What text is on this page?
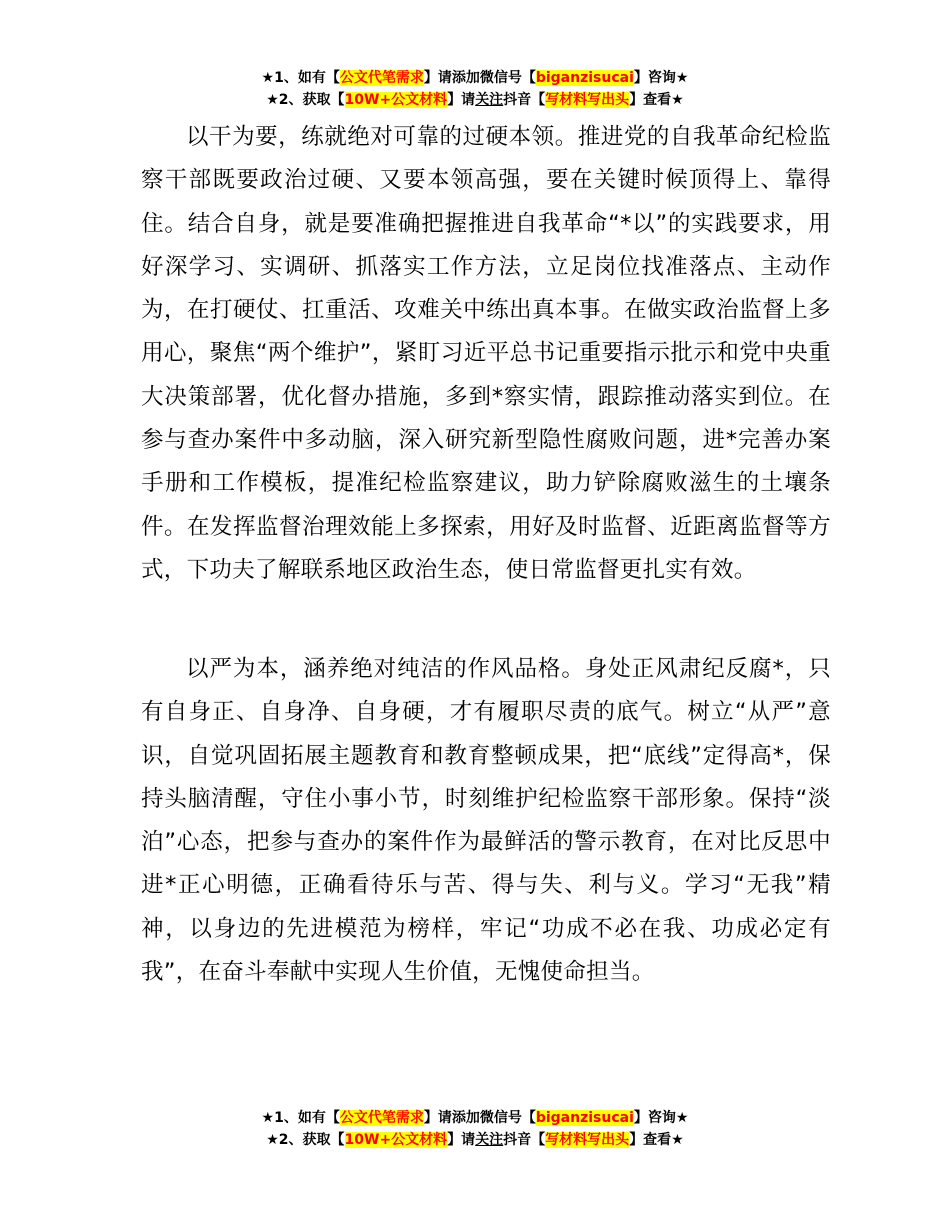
★1、如有【公文代笔需求】请添加微信号【biganzisucai】咨询★
★2、获取【10W+公文材料】请关注抖音【写材料写出头】查看★

以干为要，练就绝对可靠的过硬本领。推进党的自我革命纪检监察干部既要政治过硬、又要本领高强，要在关键时候顶得上、靠得住。结合自身，就是要准确把握推进自我革命“*以”的实践要求，用好深学习、实调研、抓落实工作方法，立足岗位找准落点、主动作为，在打硬仗、扛重活、攻难关中练出真本事。在做实政治监督上多用心，聚焦“两个维护”，紧盯习近平总书记重要指示批示和党中央重大决策部署，优化督办措施，多到*察实情，跟踪推动落实到位。在参与查办案件中多动脑，深入研究新型隐性腐败问题，进*完善办案手册和工作模板，提准纪检监察建议，助力铲除腐败滋生的土壤条件。在发挥监督治理效能上多探索，用好及时监督、近距离监督等方式，下功夫了解联系地区政治生态，使日常监督更扎实有效。

以严为本，涵养绝对纯洁的作风品格。身处正风肃纪反腐*，只有自身正、自身净、自身硬，才有履职尽责的底气。树立“从严”意识，自觉巩固拓展主题教育和教育整顿成果，把“底线”定得高*，保持头脑清醒，守住小事小节，时刻维护纪检监察干部形象。保持“淡泊”心态，把参与查办的案件作为最鲜活的警示教育，在对比反思中进*正心明德，正确看待乐与苦、得与失、利与义。学习“无我”精神，以身边的先进模范为榜样，牢记“功成不必在我、功成必定有我”，在奋斗奉献中实现人生价值，无愧使命担当。

★1、如有【公文代笔需求】请添加微信号【biganzisucai】咨询★
★2、获取【10W+公文材料】请关注抖音【写材料写出头】查看★
